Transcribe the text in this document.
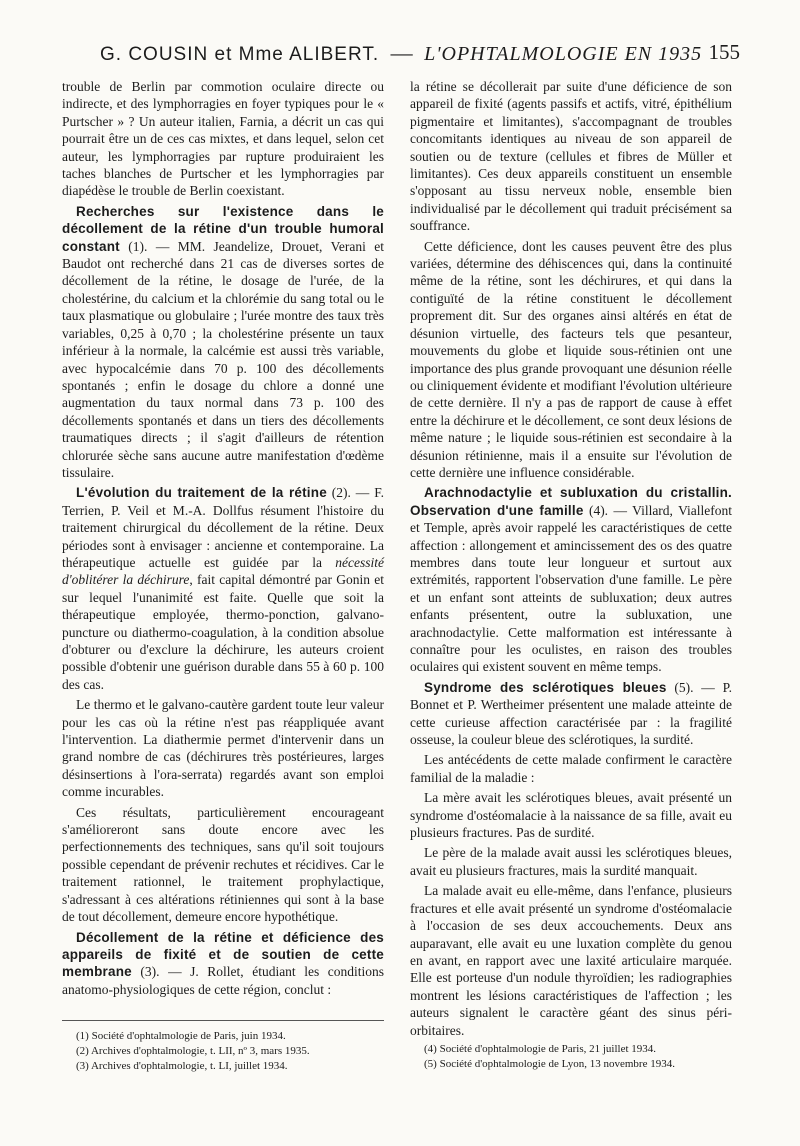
G. COUSIN et Mme ALIBERT. — L'OPHTALMOLOGIE EN 1935 155

trouble de Berlin par commotion oculaire directe ou indirecte, et des lymphorragies en foyer typiques pour le « Purtscher » ? Un auteur italien, Farnia, a décrit un cas qui pourrait être un de ces cas mixtes, et dans lequel, selon cet auteur, les lymphorragies par rupture produiraient les taches blanches de Purtscher et les lymphorragies par diapédèse le trouble de Berlin coexistant.

Recherches sur l'existence dans le décollement de la rétine d'un trouble humoral constant (1). — MM. Jeandelize, Drouet, Verani et Baudot ont recherché dans 21 cas de diverses sortes de décollement de la rétine, le dosage de l'urée, de la cholestérine, du calcium et la chlorémie du sang total ou le taux plasmatique ou globulaire ; l'urée montre des taux très variables, 0,25 à 0,70 ; la cholestérine présente un taux inférieur à la normale, la calcémie est aussi très variable, avec hypocalcémie dans 70 p. 100 des décollements spontanés ; enfin le dosage du chlore a donné une augmentation du taux normal dans 73 p. 100 des décollements spontanés et dans un tiers des décollements traumatiques directs ; il s'agit d'ailleurs de rétention chlorurée sèche sans aucune autre manifestation d'œdème tissulaire.

L'évolution du traitement de la rétine (2). — F. Terrien, P. Veil et M.-A. Dollfus résument l'histoire du traitement chirurgical du décollement de la rétine. Deux périodes sont à envisager : ancienne et contemporaine. La thérapeutique actuelle est guidée par la nécessité d'oblitérer la déchirure, fait capital démontré par Gonin et sur lequel l'unanimité est faite. Quelle que soit la thérapeutique employée, thermo-ponction, galvano-puncture ou diathermo-coagulation, à la condition absolue d'obturer ou d'exclure la déchirure, les auteurs croient possible d'obtenir une guérison durable dans 55 à 60 p. 100 des cas.

Le thermo et le galvano-cautère gardent toute leur valeur pour les cas où la rétine n'est pas réappliquée avant l'intervention. La diathermie permet d'intervenir dans un grand nombre de cas (déchirures très postérieures, larges désinsertions à l'ora-serrata) regardés avant son emploi comme incurables.

Ces résultats, particulièrement encourageant s'amélioreront sans doute encore avec les perfectionnements des techniques, sans qu'il soit toujours possible cependant de prévenir rechutes et récidives. Car le traitement rationnel, le traitement prophylactique, s'adressant à ces altérations rétiniennes qui sont à la base de tout décollement, demeure encore hypothétique.

Décollement de la rétine et déficience des appareils de fixité et de soutien de cette membrane (3). — J. Rollet, étudiant les conditions anatomo-physiologiques de cette région, conclut :

la rétine se décollerait par suite d'une déficience de son appareil de fixité (agents passifs et actifs, vitré, épithélium pigmentaire et limitantes), s'accompagnant de troubles concomitants identiques au niveau de son appareil de soutien ou de texture (cellules et fibres de Müller et limitantes). Ces deux appareils constituent un ensemble s'opposant au tissu nerveux noble, ensemble bien individualisé par le décollement qui traduit précisément sa souffrance.

Cette déficience, dont les causes peuvent être des plus variées, détermine des déhiscences qui, dans la continuité même de la rétine, sont les déchirures, et qui dans la contiguïté de la rétine constituent le décollement proprement dit. Sur des organes ainsi altérés en état de désunion virtuelle, des facteurs tels que pesanteur, mouvements du globe et liquide sous-rétinien ont une importance des plus grande provoquant une désunion réelle ou cliniquement évidente et modifiant l'évolution ultérieure de cette dernière. Il n'y a pas de rapport de cause à effet entre la déchirure et le décollement, ce sont deux lésions de même nature ; le liquide sous-rétinien est secondaire à la désunion rétinienne, mais il a ensuite sur l'évolution de cette dernière une influence considérable.

Arachnodactylie et subluxation du cristallin. Observation d'une famille (4). — Villard, Viallefont et Temple, après avoir rappelé les caractéristiques de cette affection : allongement et amincissement des os des quatre membres dans toute leur longueur et surtout aux extrémités, rapportent l'observation d'une famille. Le père et un enfant sont atteints de subluxation; deux autres enfants présentent, outre la subluxation, une arachnodactylie. Cette malformation est intéressante à connaître pour les oculistes, en raison des troubles oculaires qui existent souvent en même temps.

Syndrome des sclérotiques bleues (5). — P. Bonnet et P. Wertheimer présentent une malade atteinte de cette curieuse affection caractérisée par : la fragilité osseuse, la couleur bleue des sclérotiques, la surdité.

Les antécédents de cette malade confirment le caractère familial de la maladie :

La mère avait les sclérotiques bleues, avait présenté un syndrome d'ostéomalacie à la naissance de sa fille, avait eu plusieurs fractures. Pas de surdité.

Le père de la malade avait aussi les sclérotiques bleues, avait eu plusieurs fractures, mais la surdité manquait.

La malade avait eu elle-même, dans l'enfance, plusieurs fractures et elle avait présenté un syndrome d'ostéomalacie à l'occasion de ses deux accouchements. Deux ans auparavant, elle avait eu une luxation complète du genou en avant, en rapport avec une laxité articulaire marquée. Elle est porteuse d'un nodule thyroïdien; les radiographies montrent les lésions caractéristiques de l'affection ; les auteurs signalent le caractère géant des sinus péri-orbitaires.

(1) Société d'ophtalmologie de Paris, juin 1934.
(2) Archives d'ophtalmologie, t. LII, nº 3, mars 1935.
(3) Archives d'ophtalmologie, t. LI, juillet 1934.
(4) Société d'ophtalmologie de Paris, 21 juillet 1934.
(5) Société d'ophtalmologie de Lyon, 13 novembre 1934.
